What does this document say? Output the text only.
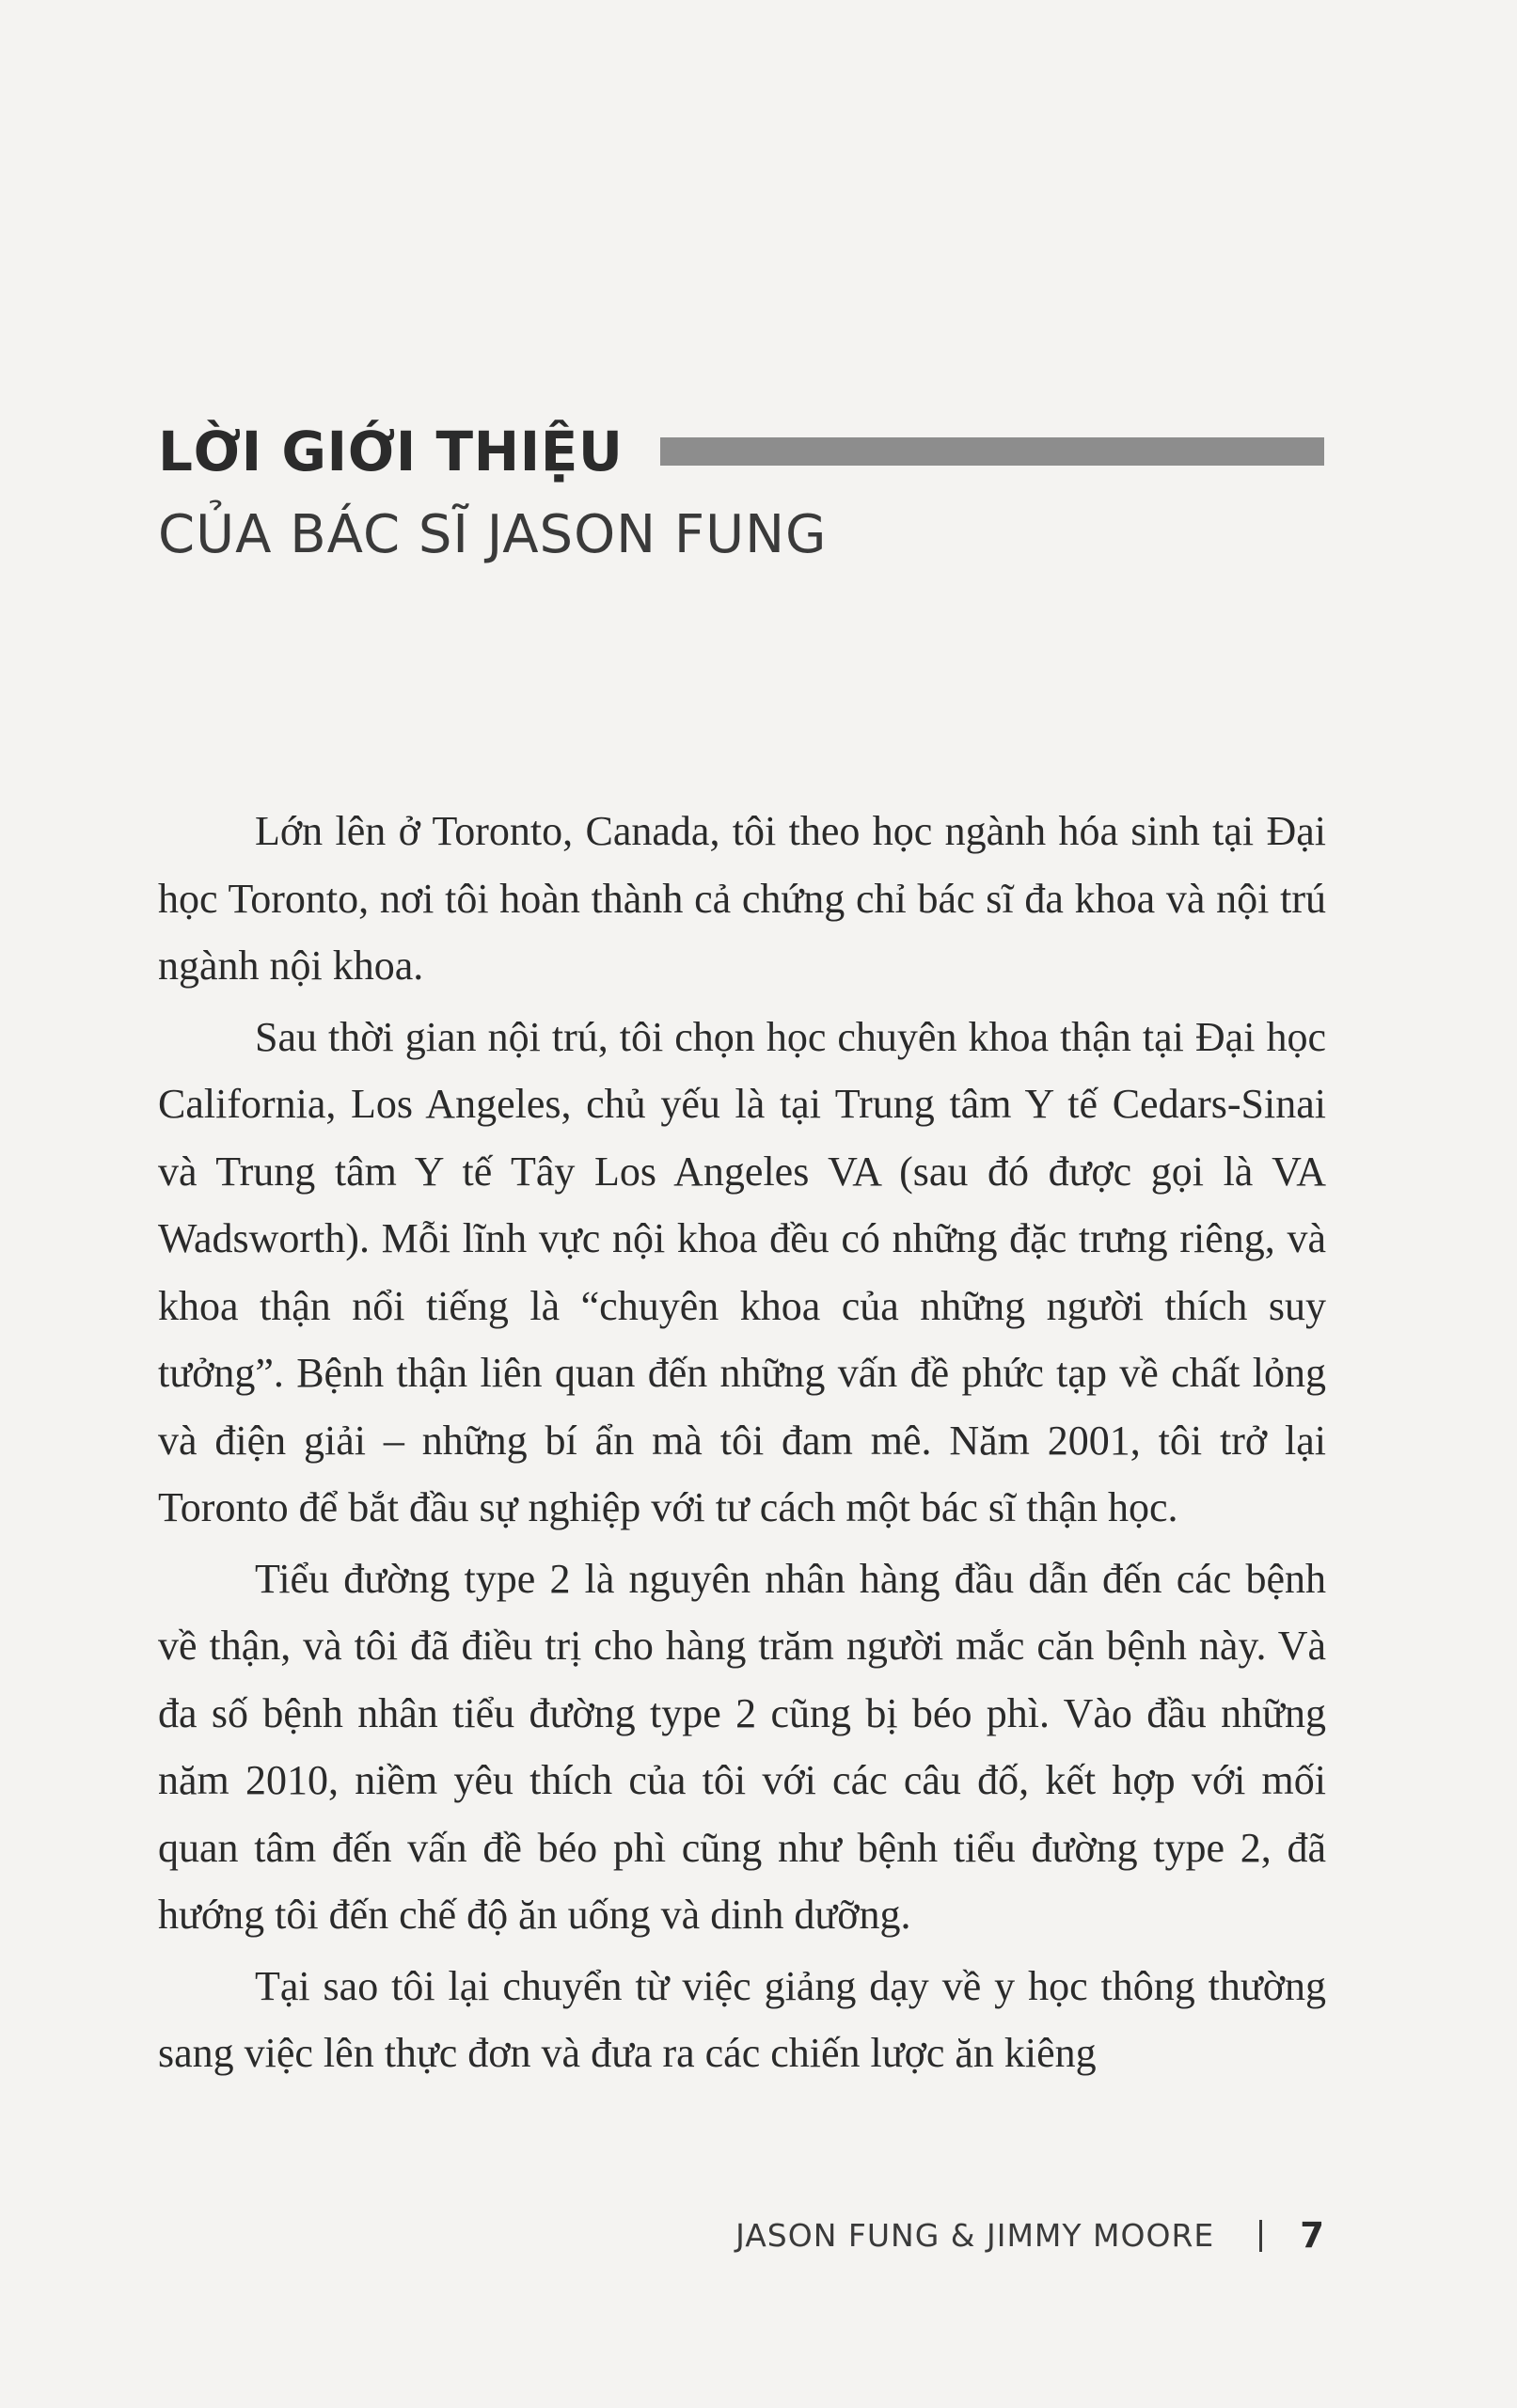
LỜI GIỚI THIỆU
CỦA BÁC SĨ JASON FUNG

Lớn lên ở Toronto, Canada, tôi theo học ngành hóa sinh tại Đại học Toronto, nơi tôi hoàn thành cả chứng chỉ bác sĩ đa khoa và nội trú ngành nội khoa.

Sau thời gian nội trú, tôi chọn học chuyên khoa thận tại Đại học California, Los Angeles, chủ yếu là tại Trung tâm Y tế Cedars-Sinai và Trung tâm Y tế Tây Los Angeles VA (sau đó được gọi là VA Wadsworth). Mỗi lĩnh vực nội khoa đều có những đặc trưng riêng, và khoa thận nổi tiếng là “chuyên khoa của những người thích suy tưởng”. Bệnh thận liên quan đến những vấn đề phức tạp về chất lỏng và điện giải – những bí ẩn mà tôi đam mê. Năm 2001, tôi trở lại Toronto để bắt đầu sự nghiệp với tư cách một bác sĩ thận học.

Tiểu đường type 2 là nguyên nhân hàng đầu dẫn đến các bệnh về thận, và tôi đã điều trị cho hàng trăm người mắc căn bệnh này. Và đa số bệnh nhân tiểu đường type 2 cũng bị béo phì. Vào đầu những năm 2010, niềm yêu thích của tôi với các câu đố, kết hợp với mối quan tâm đến vấn đề béo phì cũng như bệnh tiểu đường type 2, đã hướng tôi đến chế độ ăn uống và dinh dưỡng.

Tại sao tôi lại chuyển từ việc giảng dạy về y học thông thường sang việc lên thực đơn và đưa ra các chiến lược ăn kiêng

JASON FUNG & JIMMY MOORE 7
